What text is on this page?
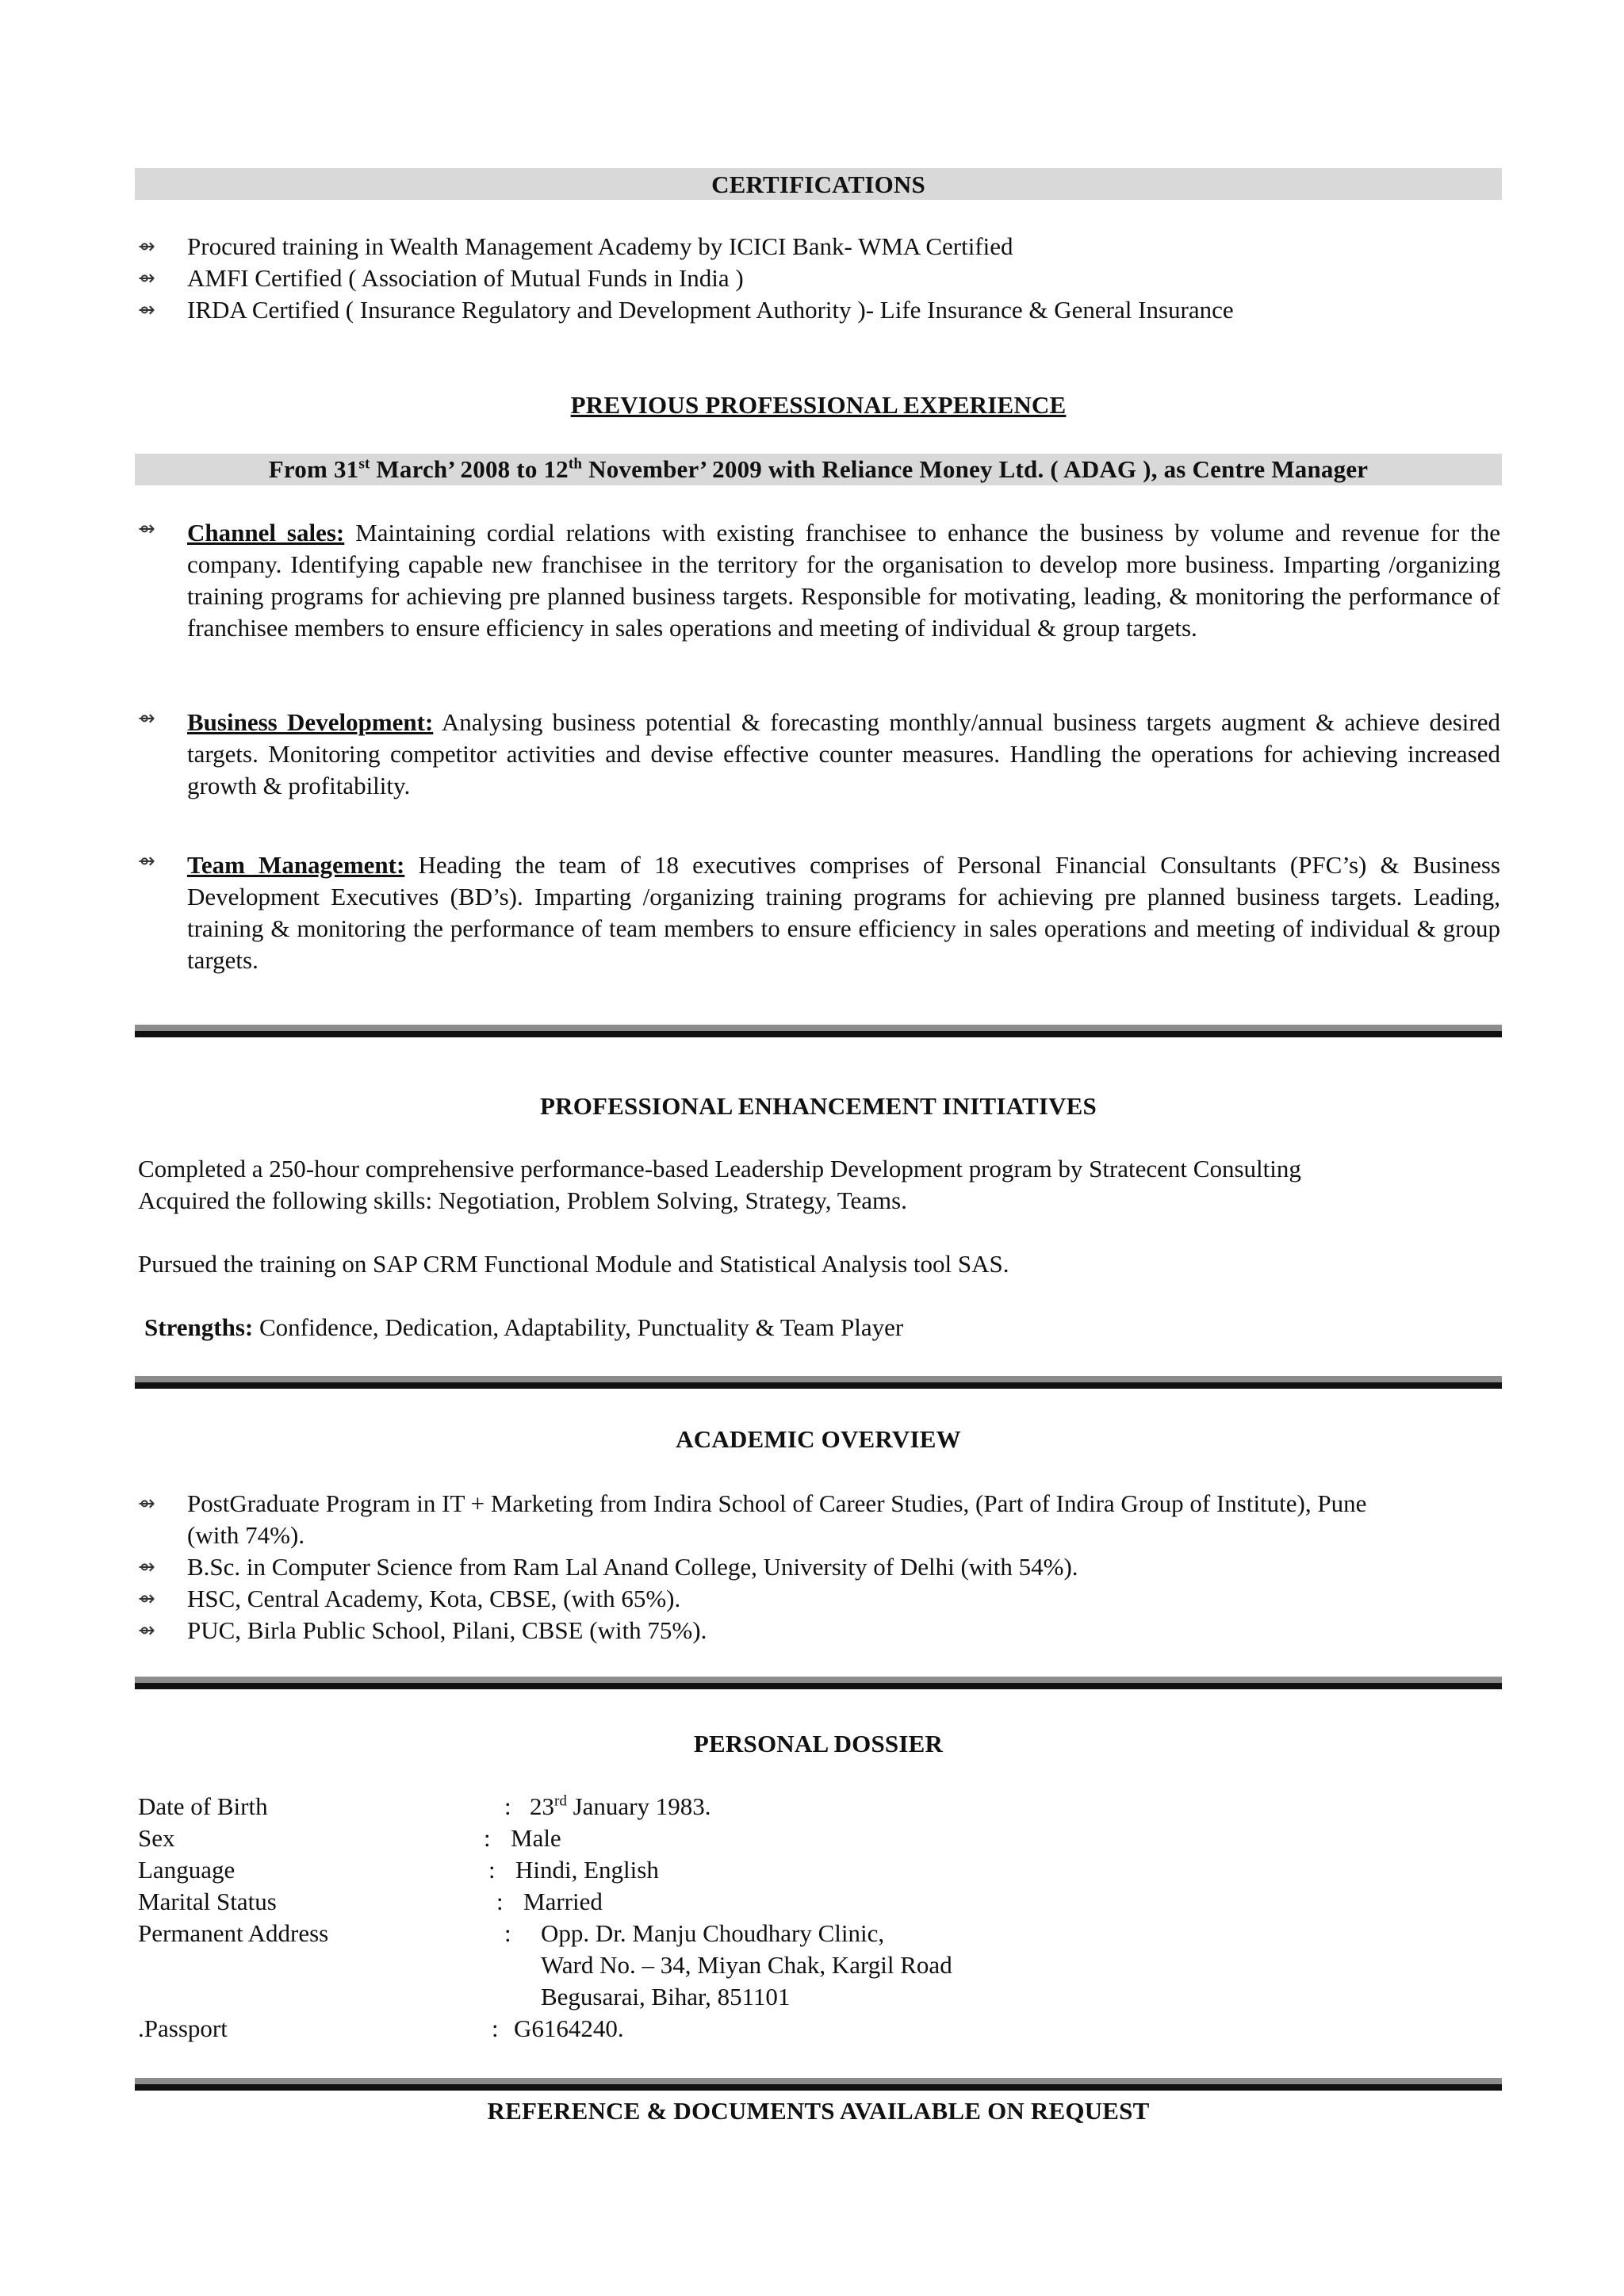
CERTIFICATIONS
⇴ Procured training in Wealth Management Academy by ICICI Bank- WMA Certified
⇴ AMFI Certified ( Association of Mutual Funds in India )
⇴ IRDA Certified ( Insurance Regulatory and Development Authority )- Life Insurance & General Insurance
PREVIOUS PROFESSIONAL EXPERIENCE
From 31st March’ 2008 to 12th November’ 2009 with Reliance Money Ltd. ( ADAG ), as Centre Manager
⇴ Channel sales: Maintaining cordial relations with existing franchisee to enhance the business by volume and revenue for the company. Identifying capable new franchisee in the territory for the organisation to develop more business. Imparting /organizing training programs for achieving pre planned business targets. Responsible for motivating, leading, & monitoring the performance of franchisee members to ensure efficiency in sales operations and meeting of individual & group targets.
⇴ Business Development: Analysing business potential & forecasting monthly/annual business targets augment & achieve desired targets. Monitoring competitor activities and devise effective counter measures. Handling the operations for achieving increased growth & profitability.
⇴ Team Management: Heading the team of 18 executives comprises of Personal Financial Consultants (PFC’s) & Business Development Executives (BD’s). Imparting /organizing training programs for achieving pre planned business targets. Leading, training & monitoring the performance of team members to ensure efficiency in sales operations and meeting of individual & group targets.
PROFESSIONAL ENHANCEMENT INITIATIVES
Completed a 250-hour comprehensive performance-based Leadership Development program by Stratecent Consulting
Acquired the following skills: Negotiation, Problem Solving, Strategy, Teams.
Pursued the training on SAP CRM Functional Module and Statistical Analysis tool SAS.
Strengths: Confidence, Dedication, Adaptability, Punctuality & Team Player
ACADEMIC OVERVIEW
⇴ PostGraduate Program in IT + Marketing from Indira School of Career Studies, (Part of Indira Group of Institute), Pune (with 74%).
⇴ B.Sc. in Computer Science from Ram Lal Anand College, University of Delhi (with 54%).
⇴ HSC, Central Academy, Kota, CBSE, (with 65%).
⇴ PUC, Birla Public School, Pilani, CBSE (with 75%).
PERSONAL DOSSIER
Date of Birth	: 23rd January 1983.
Sex	: Male
Language	: Hindi, English
Marital Status	: Married
Permanent Address	: Opp. Dr. Manju Choudhary Clinic,
Ward No. – 34, Miyan Chak, Kargil Road
Begusarai, Bihar, 851101
.Passport	: G6164240.
REFERENCE & DOCUMENTS AVAILABLE ON REQUEST
